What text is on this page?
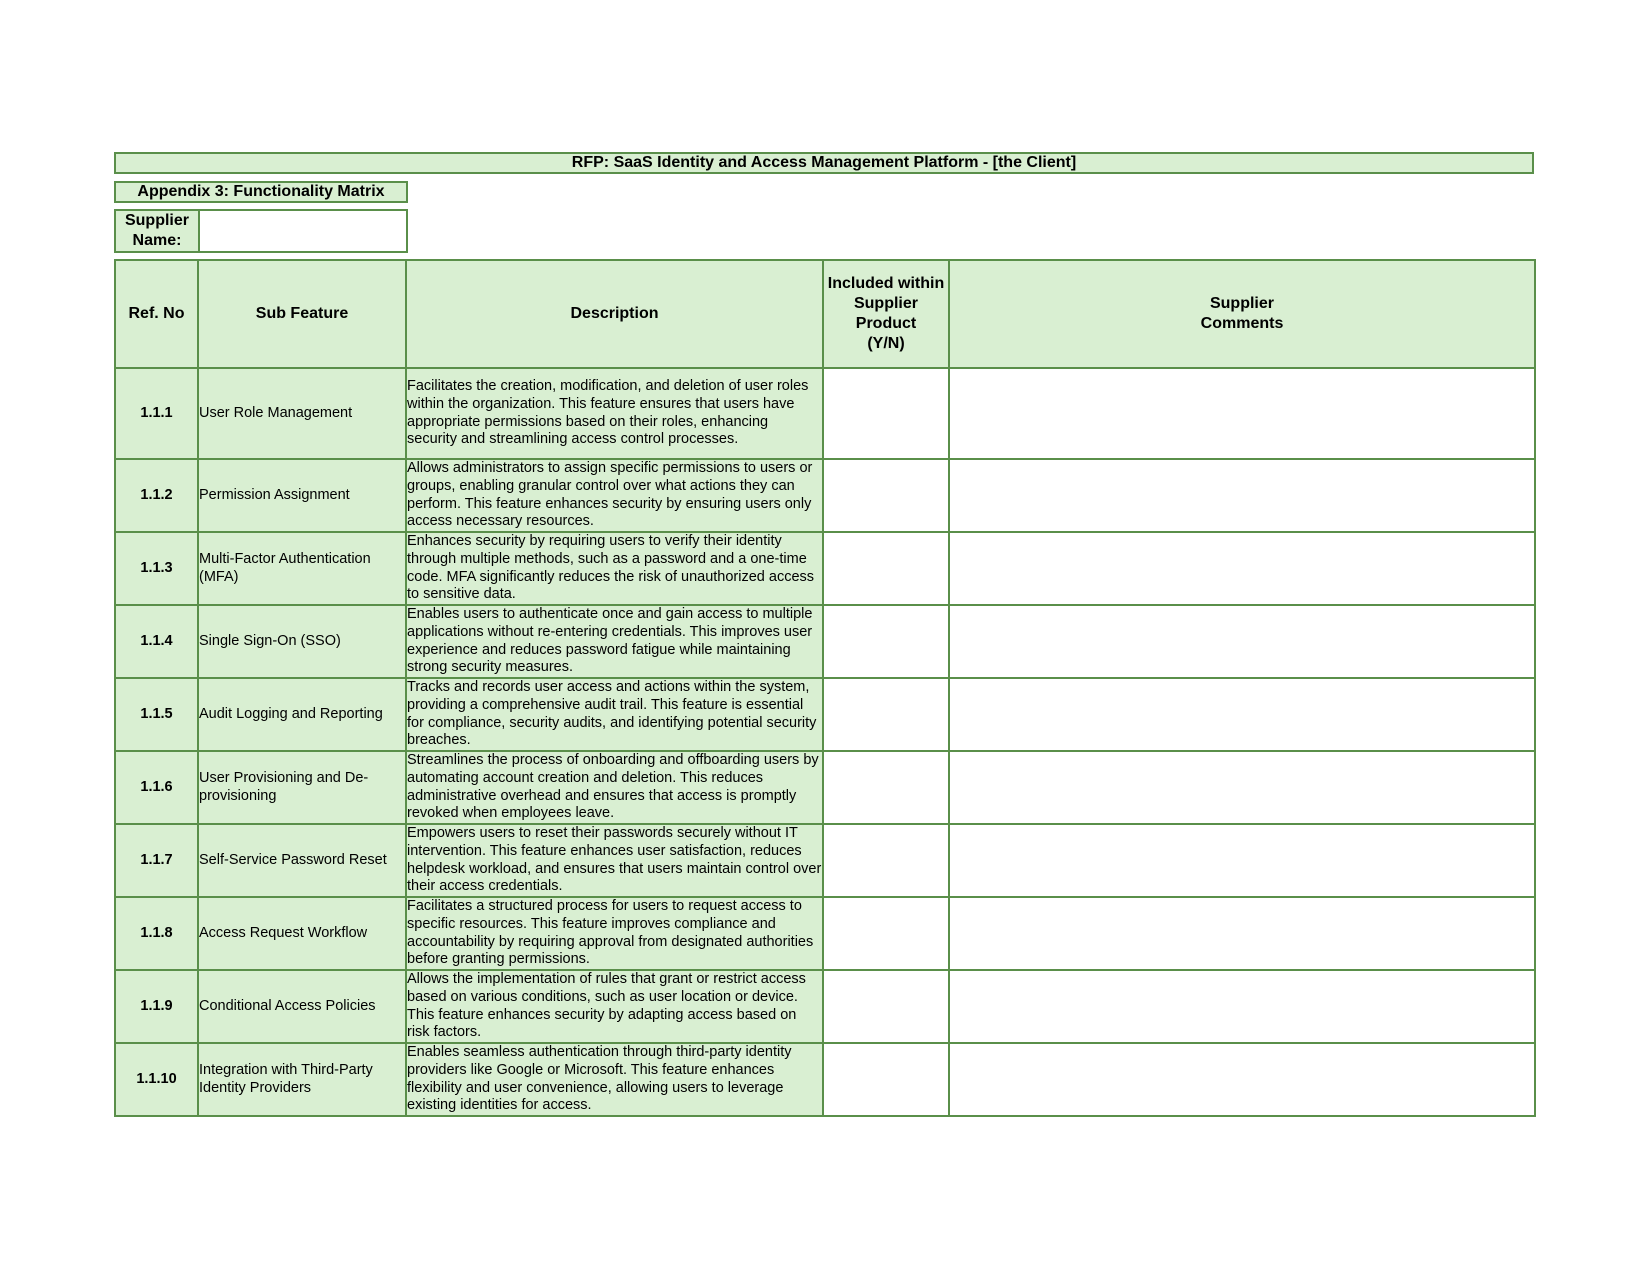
RFP: SaaS Identity and Access Management Platform - [the Client]
Appendix 3: Functionality Matrix
Supplier
Name:
Ref. No	Sub Feature	Description	Included within
Supplier
Product
(Y/N)	Supplier
Comments
1.1.1	User Role Management	Facilitates the creation, modification, and deletion of user roles within the organization. This feature ensures that users have appropriate permissions based on their roles, enhancing security and streamlining access control processes.		
1.1.2	Permission Assignment	Allows administrators to assign specific permissions to users or groups, enabling granular control over what actions they can perform. This feature enhances security by ensuring users only access necessary resources.		
1.1.3	Multi-Factor Authentication (MFA)	Enhances security by requiring users to verify their identity through multiple methods, such as a password and a one-time code. MFA significantly reduces the risk of unauthorized access to sensitive data.		
1.1.4	Single Sign-On (SSO)	Enables users to authenticate once and gain access to multiple applications without re-entering credentials. This improves user experience and reduces password fatigue while maintaining strong security measures.		
1.1.5	Audit Logging and Reporting	Tracks and records user access and actions within the system, providing a comprehensive audit trail. This feature is essential for compliance, security audits, and identifying potential security breaches.		
1.1.6	User Provisioning and De-provisioning	Streamlines the process of onboarding and offboarding users by automating account creation and deletion. This reduces administrative overhead and ensures that access is promptly revoked when employees leave.		
1.1.7	Self-Service Password Reset	Empowers users to reset their passwords securely without IT intervention. This feature enhances user satisfaction, reduces helpdesk workload, and ensures that users maintain control over their access credentials.		
1.1.8	Access Request Workflow	Facilitates a structured process for users to request access to specific resources. This feature improves compliance and accountability by requiring approval from designated authorities before granting permissions.		
1.1.9	Conditional Access Policies	Allows the implementation of rules that grant or restrict access based on various conditions, such as user location or device. This feature enhances security by adapting access based on risk factors.		
1.1.10	Integration with Third-Party Identity Providers	Enables seamless authentication through third-party identity providers like Google or Microsoft. This feature enhances flexibility and user convenience, allowing users to leverage existing identities for access.		
